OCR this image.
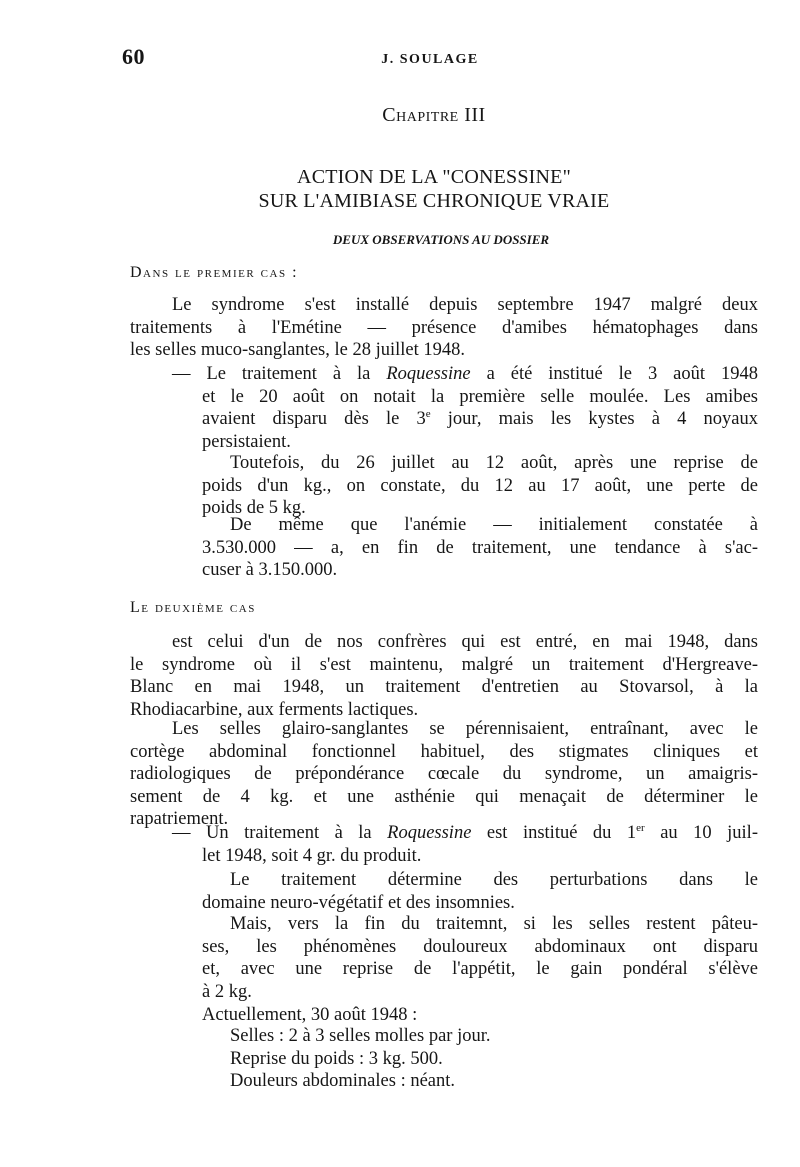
60	J. SOULAGE
Chapitre III
ACTION DE LA "CONESSINE"
SUR L'AMIBIASE CHRONIQUE VRAIE
DEUX OBSERVATIONS AU DOSSIER
Dans le premier cas :
Le syndrome s'est installé depuis septembre 1947 malgré deux
traitements à l'Emétine — présence d'amibes hématophages dans
les selles muco-sanglantes, le 28 juillet 1948.
— Le traitement à la Roquessine a été institué le 3 août 1948
et le 20 août on notait la première selle moulée. Les amibes
avaient disparu dès le 3e jour, mais les kystes à 4 noyaux
persistaient.
Toutefois, du 26 juillet au 12 août, après une reprise de
poids d'un kg., on constate, du 12 au 17 août, une perte de
poids de 5 kg.
De même que l'anémie — initialement constatée à
3.530.000 — a, en fin de traitement, une tendance à s'ac-
cuser à 3.150.000.
Le deuxième cas
est celui d'un de nos confrères qui est entré, en mai 1948, dans
le syndrome où il s'est maintenu, malgré un traitement d'Hergreave-
Blanc en mai 1948, un traitement d'entretien au Stovarsol, à la
Rhodiacarbine, aux ferments lactiques.
Les selles glairo-sanglantes se pérennisaient, entraînant, avec le
cortège abdominal fonctionnel habituel, des stigmates cliniques et
radiologiques de prépondérance cœcale du syndrome, un amaigris-
sement de 4 kg. et une asthénie qui menaçait de déterminer le
rapatriement.
— Un traitement à la Roquessine est institué du 1er au 10 juil-
let 1948, soit 4 gr. du produit.
Le traitement détermine des perturbations dans le
domaine neuro-végétatif et des insomnies.
Mais, vers la fin du traitemnt, si les selles restent pâteu-
ses, les phénomènes douloureux abdominaux ont disparu
et, avec une reprise de l'appétit, le gain pondéral s'élève
à 2 kg.
Actuellement, 30 août 1948 :
Selles : 2 à 3 selles molles par jour.
Reprise du poids : 3 kg. 500.
Douleurs abdominales : néant.
